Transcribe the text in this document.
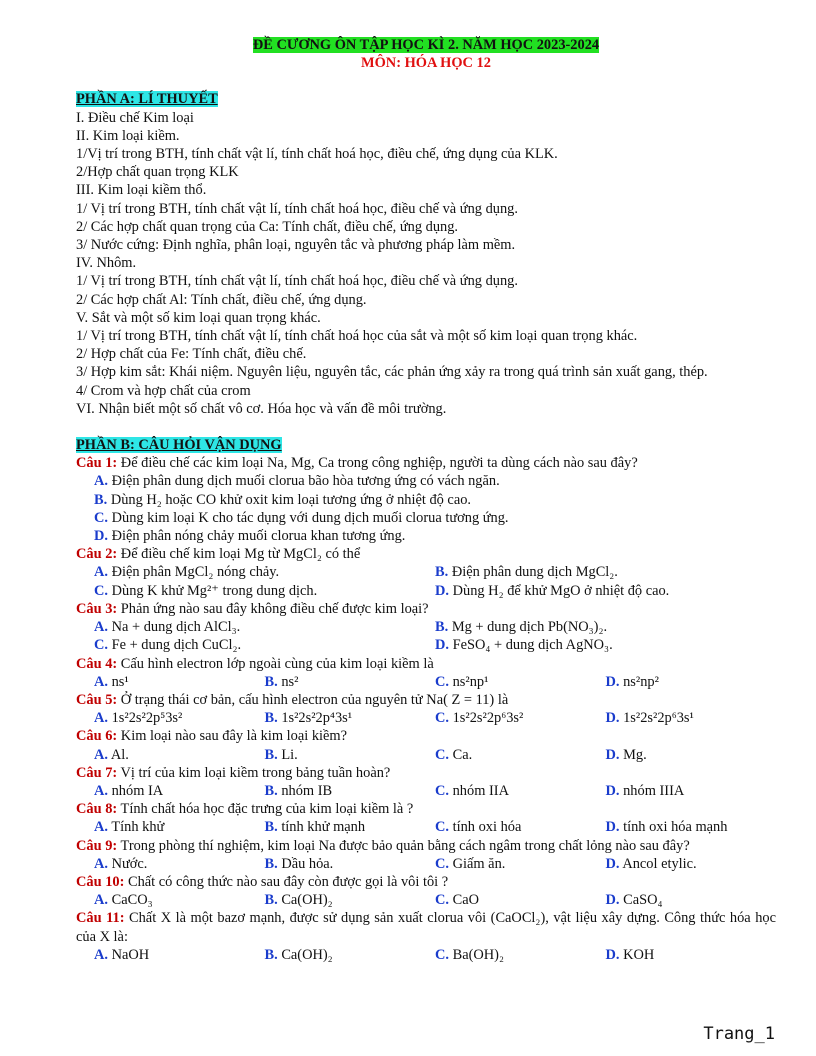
ĐỀ CƯƠNG ÔN TẬP HỌC KÌ 2. NĂM HỌC 2023-2024
MÔN: HÓA HỌC 12
PHẦN A: LÍ THUYẾT
I. Điều chế Kim loại
II. Kim loại kiềm.
1/Vị trí trong BTH, tính chất vật lí, tính chất hoá học, điều chế, ứng dụng của KLK.
2/Hợp chất quan trọng KLK
III. Kim loại kiềm thổ.
1/ Vị trí trong BTH, tính chất vật lí, tính chất hoá học, điều chế và ứng dụng.
2/ Các hợp chất quan trọng của Ca: Tính chất, điều chế, ứng dụng.
3/ Nước cứng: Định nghĩa, phân loại, nguyên tắc và phương pháp làm mềm.
IV. Nhôm.
1/ Vị trí trong BTH, tính chất vật lí, tính chất hoá học, điều chế và ứng dụng.
2/ Các hợp chất Al: Tính chất, điều chế, ứng dụng.
V. Sắt và một số kim loại quan trọng khác.
1/ Vị trí trong BTH, tính chất vật lí, tính chất hoá học của sắt và một số kim loại quan trọng khác.
2/ Hợp chất của Fe: Tính chất, điều chế.
3/ Hợp kim sắt: Khái niệm. Nguyên liệu, nguyên tắc, các phản ứng xảy ra trong quá trình sản xuất gang, thép.
4/ Crom và hợp chất của crom
VI. Nhận biết một số chất vô cơ. Hóa học và vấn đề môi trường.
PHẦN B: CÂU HỎI VẬN DỤNG
Câu 1: Để điều chế các kim loại Na, Mg, Ca trong công nghiệp, người ta dùng cách nào sau đây?
A. Điện phân dung dịch muối clorua bão hòa tương ứng có vách ngăn.
B. Dùng H₂ hoặc CO khử oxit kim loại tương ứng ở nhiệt độ cao.
C. Dùng kim loại K cho tác dụng với dung dịch muối clorua tương ứng.
D. Điện phân nóng chảy muối clorua khan tương ứng.
Câu 2: Để điều chế kim loại Mg từ MgCl₂ có thể
A. Điện phân MgCl₂ nóng chảy.	B. Điện phân dung dịch MgCl₂.
C. Dùng K khử Mg²⁺ trong dung dịch.	D. Dùng H₂ để khử MgO ở nhiệt độ cao.
Câu 3: Phản ứng nào sau đây không điều chế được kim loại?
A. Na + dung dịch AlCl₃.	B. Mg + dung dịch Pb(NO₃)₂.
C. Fe + dung dịch CuCl₂.	D. FeSO₄ + dung dịch AgNO₃.
Câu 4: Cấu hình electron lớp ngoài cùng của kim loại kiềm là
A. ns¹	B. ns²	C. ns²np¹	D. ns²np²
Câu 5: Ở trạng thái cơ bản, cấu hình electron của nguyên tử Na( Z = 11) là
A. 1s²2s²2p⁵3s²	B. 1s²2s²2p⁴3s¹	C. 1s²2s²2p⁶3s²	D. 1s²2s²2p⁶3s¹
Câu 6: Kim loại nào sau đây là kim loại kiềm?
A. Al.	B. Li.	C. Ca.	D. Mg.
Câu 7: Vị trí của kim loại kiềm trong bảng tuần hoàn?
A. nhóm IA	B. nhóm IB	C. nhóm IIA	D. nhóm IIIA
Câu 8: Tính chất hóa học đặc trưng của kim loại kiềm là ?
A. Tính khử	B. tính khử mạnh	C. tính oxi hóa	D. tính oxi hóa mạnh
Câu 9: Trong phòng thí nghiệm, kim loại Na được bảo quản bằng cách ngâm trong chất lỏng nào sau đây?
A. Nước.	B. Dầu hỏa.	C. Giấm ăn.	D. Ancol etylic.
Câu 10: Chất có công thức nào sau đây còn được gọi là vôi tôi ?
A. CaCO₃	B. Ca(OH)₂	C. CaO	D. CaSO₄
Câu 11: Chất X là một bazơ mạnh, được sử dụng sản xuất clorua vôi (CaOCl₂), vật liệu xây dựng. Công thức hóa học của X là:
A. NaOH	B. Ca(OH)₂	C. Ba(OH)₂	D. KOH
Trang_1
